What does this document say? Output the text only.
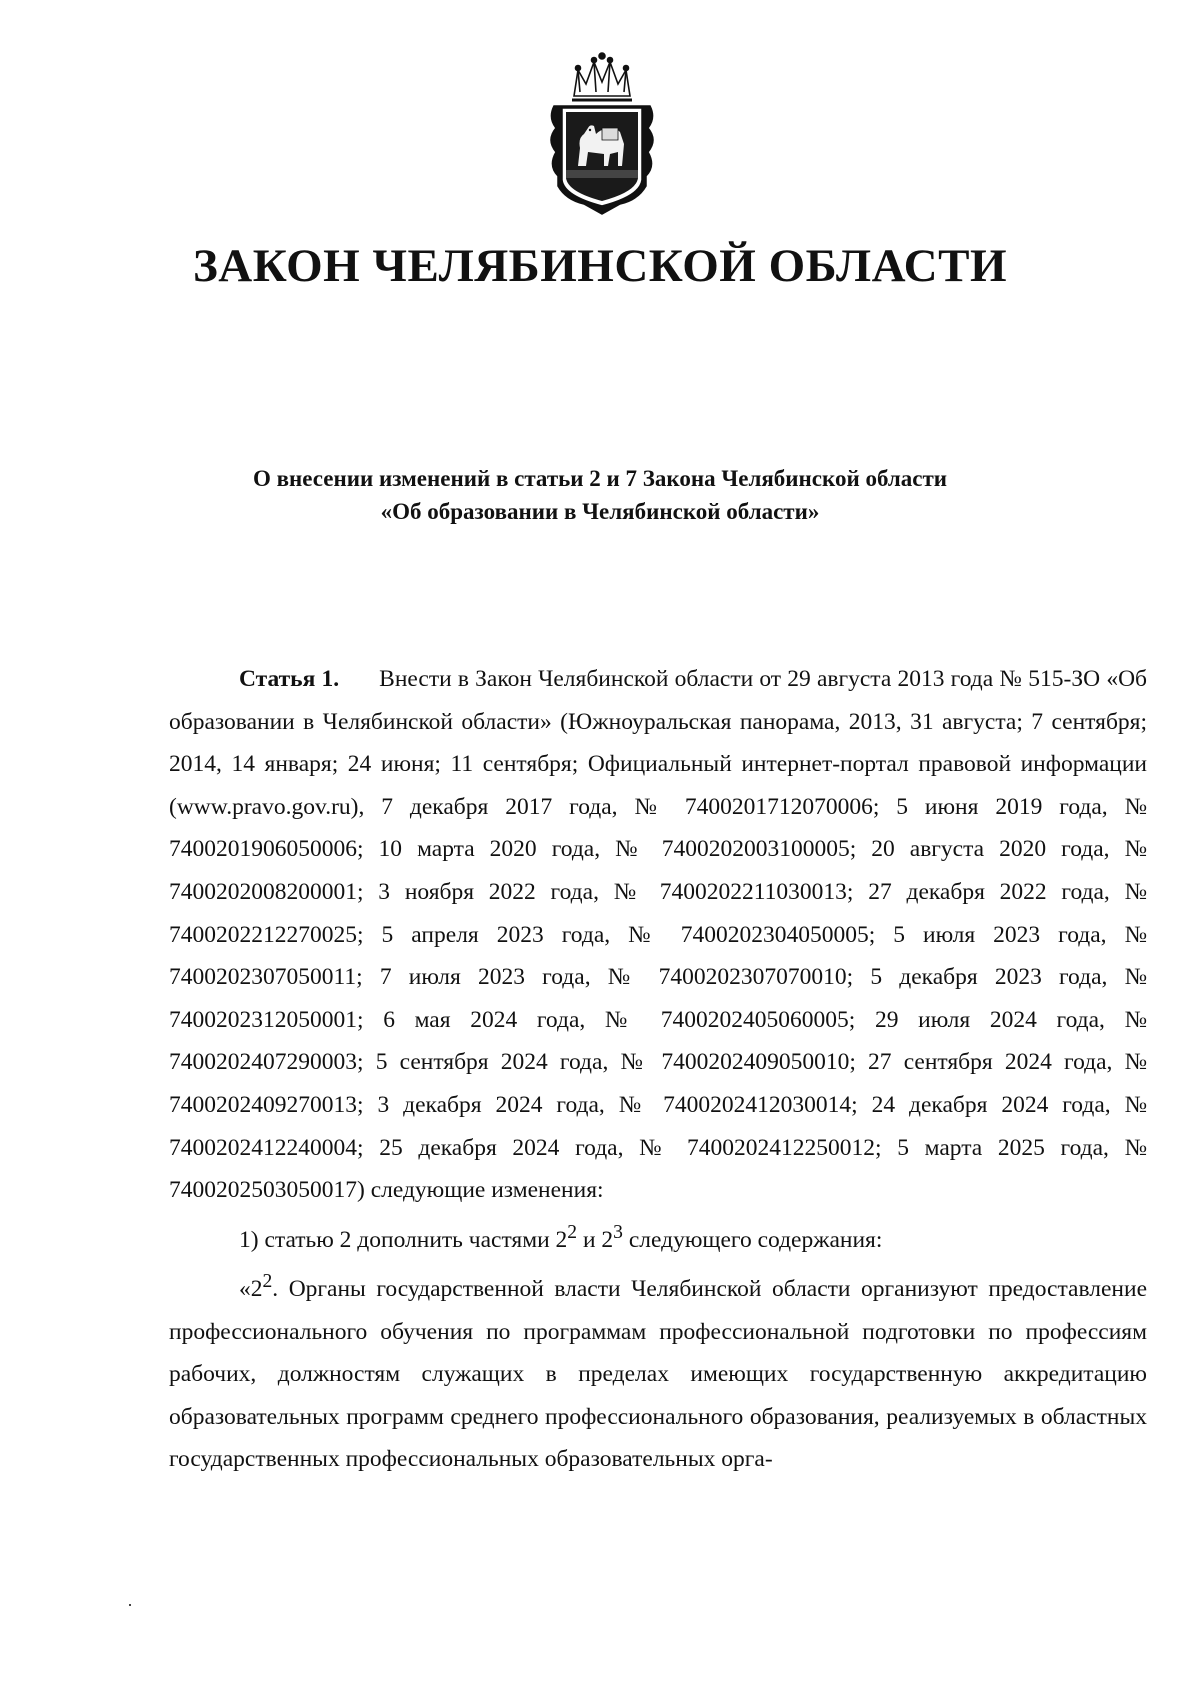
ЗАКОН ЧЕЛЯБИНСКОЙ ОБЛАСТИ
О внесении изменений в статьи 2 и 7 Закона Челябинской области
«Об образовании в Челябинской области»

Статья 1. Внести в Закон Челябинской области от 29 августа 2013 года № 515-ЗО «Об образовании в Челябинской области» (Южноуральская панорама, 2013, 31 августа; 7 сентября; 2014, 14 января; 24 июня; 11 сентября; Официальный интернет-портал правовой информации (www.pravo.gov.ru), 7 декабря 2017 года, № 7400201712070006; 5 июня 2019 года, № 7400201906050006; 10 марта 2020 года, № 7400202003100005; 20 августа 2020 года, № 7400202008200001; 3 ноября 2022 года, № 7400202211030013; 27 декабря 2022 года, № 7400202212270025; 5 апреля 2023 года, № 7400202304050005; 5 июля 2023 года, № 7400202307050011; 7 июля 2023 года, № 7400202307070010; 5 декабря 2023 года, № 7400202312050001; 6 мая 2024 года, № 7400202405060005; 29 июля 2024 года, № 7400202407290003; 5 сентября 2024 года, № 7400202409050010; 27 сентября 2024 года, № 7400202409270013; 3 декабря 2024 года, № 7400202412030014; 24 декабря 2024 года, № 7400202412240004; 25 декабря 2024 года, № 7400202412250012; 5 марта 2025 года, № 7400202503050017) следующие изменения:

1) статью 2 дополнить частями $2^2$ и $2^3$ следующего содержания:

«$2^2$. Органы государственной власти Челябинской области организуют предоставление профессионального обучения по программам профессиональной подготовки по профессиям рабочих, должностям служащих в пределах имеющих государственную аккредитацию образовательных программ среднего профессионального образования, реализуемых в областных государственных профессиональных образовательных орга-
